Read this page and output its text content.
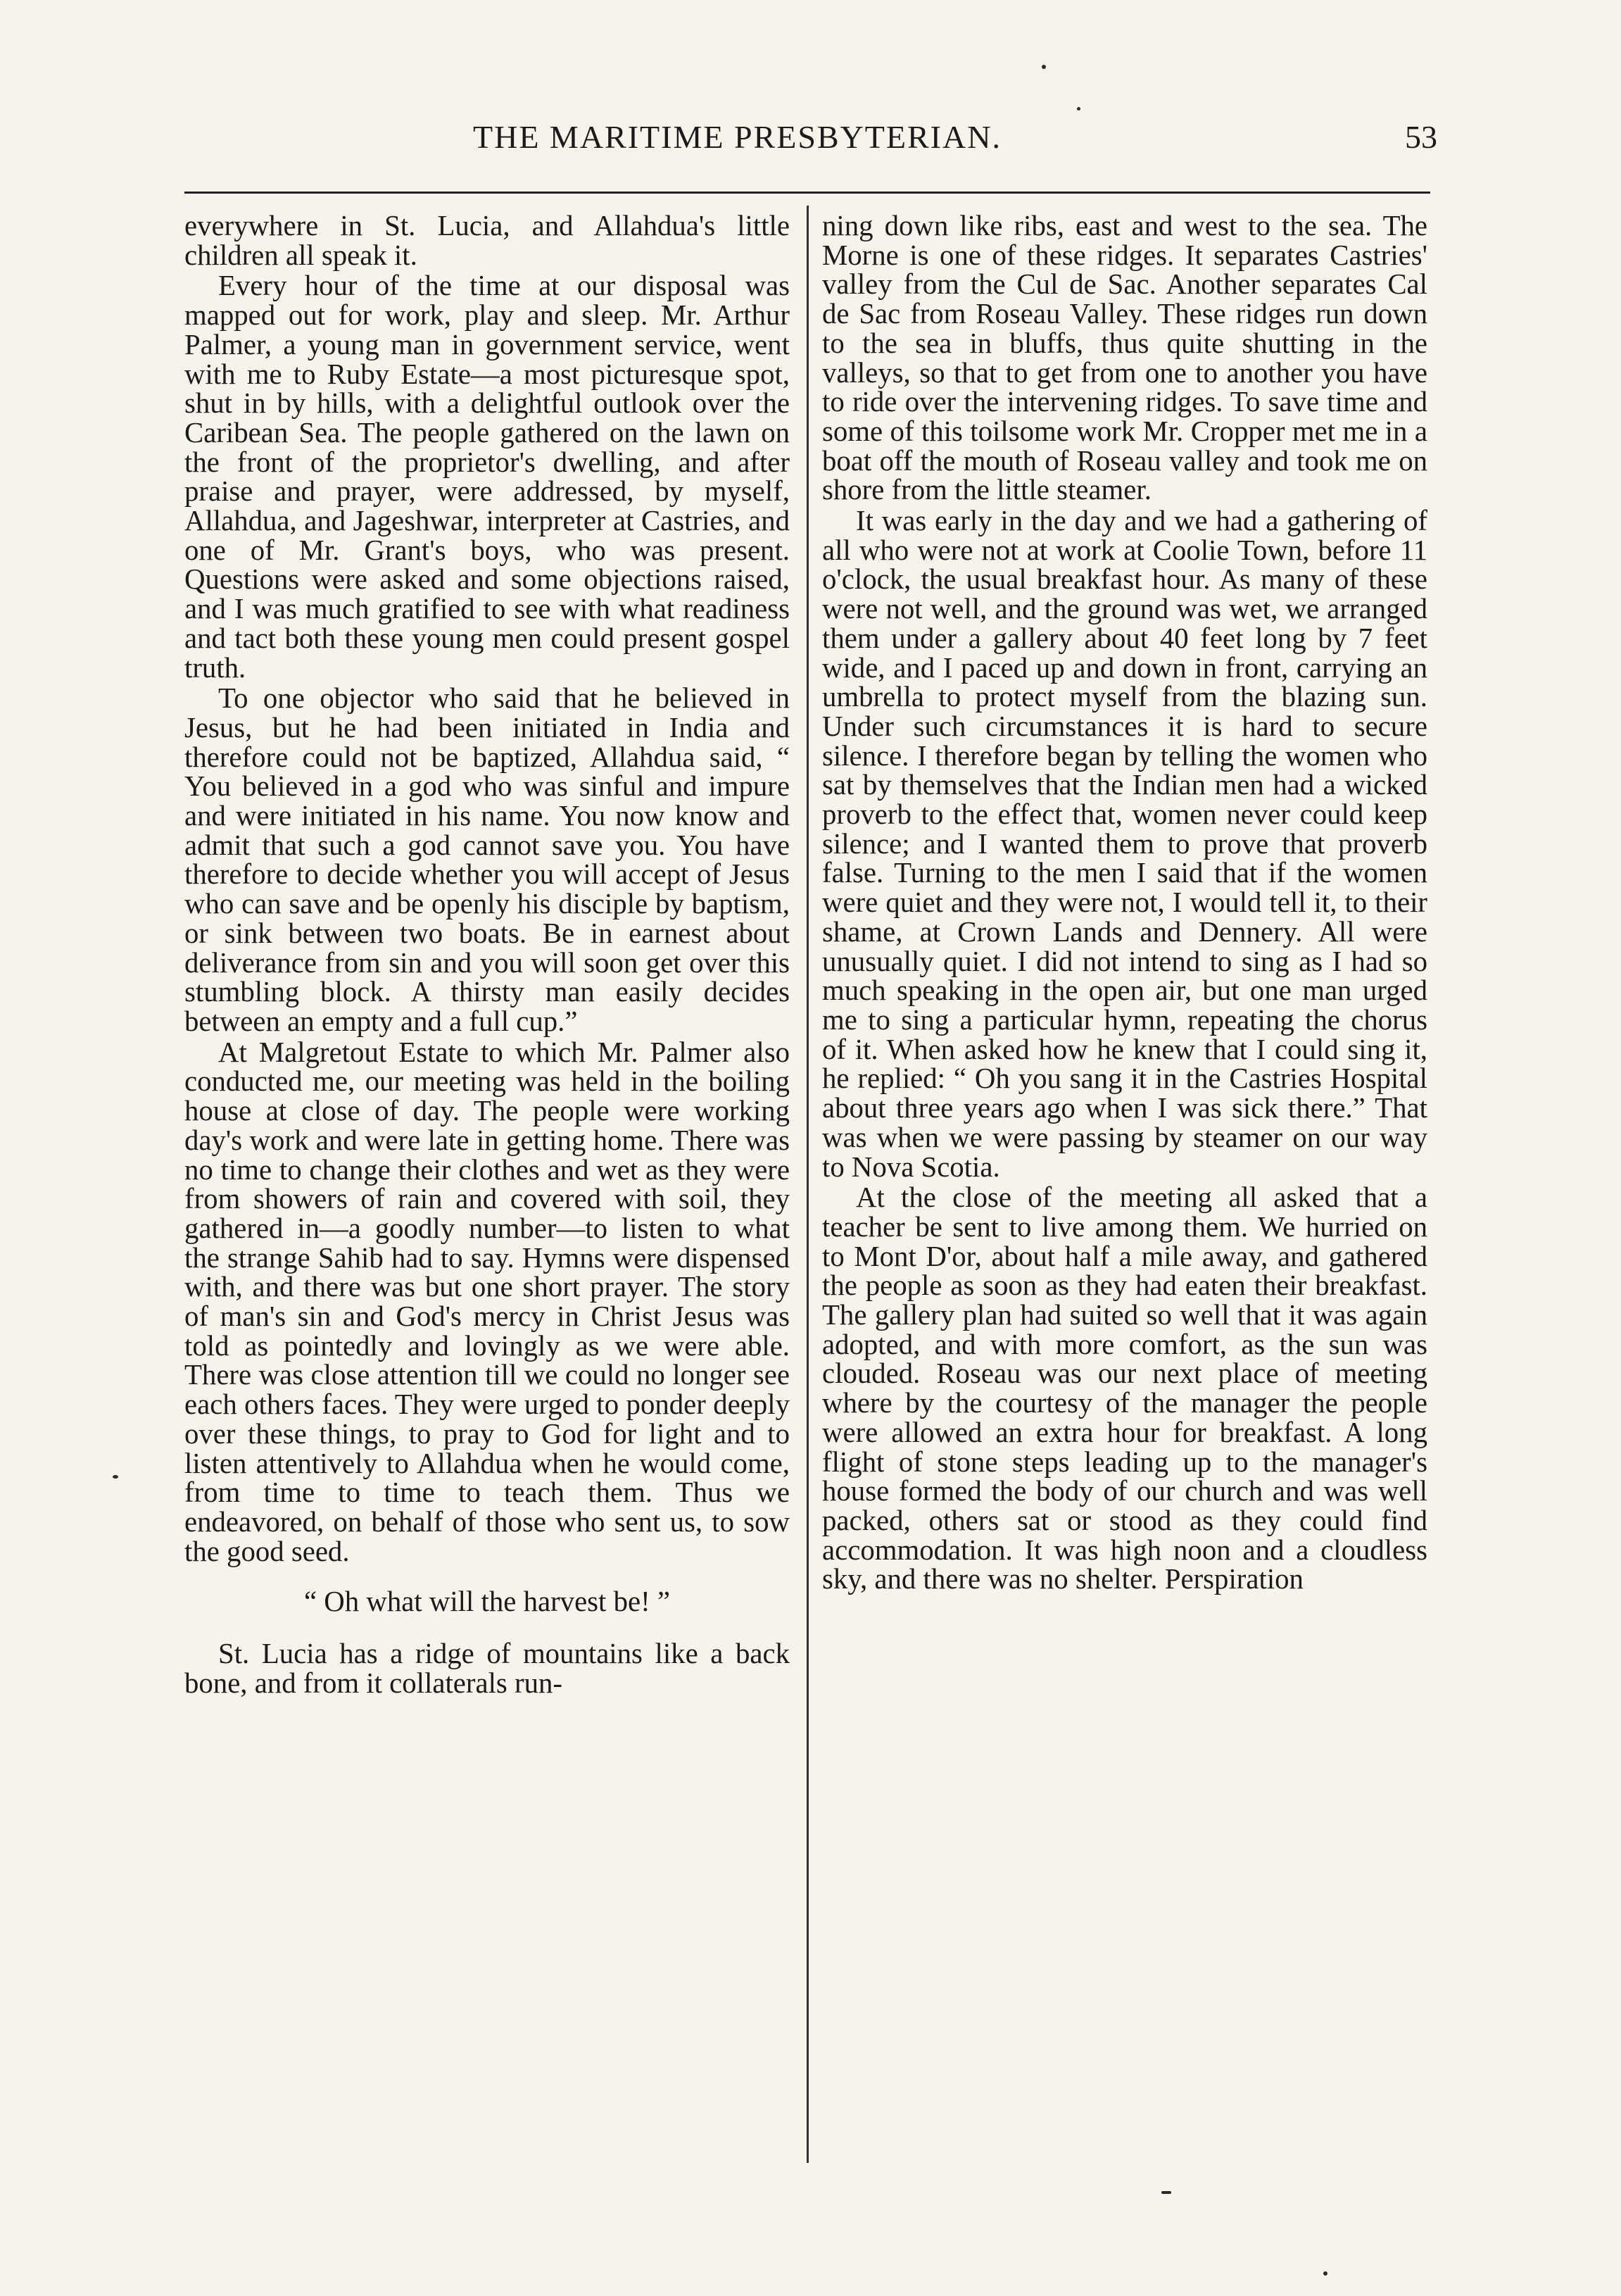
THE MARITIME PRESBYTERIAN.	53

everywhere in St. Lucia, and Allahdua's little children all speak it.

Every hour of the time at our disposal was mapped out for work, play and sleep. Mr. Arthur Palmer, a young man in government service, went with me to Ruby Estate—a most picturesque spot, shut in by hills, with a delightful outlook over the Caribean Sea. The people gathered on the lawn on the front of the proprietor's dwelling, and after praise and prayer, were addressed, by myself, Allahdua, and Jageshwar, interpreter at Castries, and one of Mr. Grant's boys, who was present. Questions were asked and some objections raised, and I was much gratified to see with what readiness and tact both these young men could present gospel truth.

To one objector who said that he believed in Jesus, but he had been initiated in India and therefore could not be baptized, Allahdua said, “ You believed in a god who was sinful and impure and were initiated in his name. You now know and admit that such a god cannot save you. You have therefore to decide whether you will accept of Jesus who can save and be openly his disciple by baptism, or sink between two boats. Be in earnest about deliverance from sin and you will soon get over this stumbling block. A thirsty man easily decides between an empty and a full cup.”

At Malgretout Estate to which Mr. Palmer also conducted me, our meeting was held in the boiling house at close of day. The people were working day's work and were late in getting home. There was no time to change their clothes and wet as they were from showers of rain and covered with soil, they gathered in—a goodly number—to listen to what the strange Sahib had to say. Hymns were dispensed with, and there was but one short prayer. The story of man's sin and God's mercy in Christ Jesus was told as pointedly and lovingly as we were able. There was close attention till we could no longer see each others faces. They were urged to ponder deeply over these things, to pray to God for light and to listen attentively to Allahdua when he would come, from time to time to teach them. Thus we endeavored, on behalf of those who sent us, to sow the good seed.

“ Oh what will the harvest be! ”

St. Lucia has a ridge of mountains like a back bone, and from it collaterals run-

ning down like ribs, east and west to the sea. The Morne is one of these ridges. It separates Castries' valley from the Cul de Sac. Another separates Cal de Sac from Roseau Valley. These ridges run down to the sea in bluffs, thus quite shutting in the valleys, so that to get from one to another you have to ride over the intervening ridges. To save time and some of this toilsome work Mr. Cropper met me in a boat off the mouth of Roseau valley and took me on shore from the little steamer.

It was early in the day and we had a gathering of all who were not at work at Coolie Town, before 11 o'clock, the usual breakfast hour. As many of these were not well, and the ground was wet, we arranged them under a gallery about 40 feet long by 7 feet wide, and I paced up and down in front, carrying an umbrella to protect myself from the blazing sun. Under such circumstances it is hard to secure silence. I therefore began by telling the women who sat by themselves that the Indian men had a wicked proverb to the effect that, women never could keep silence; and I wanted them to prove that proverb false. Turning to the men I said that if the women were quiet and they were not, I would tell it, to their shame, at Crown Lands and Dennery. All were unusually quiet. I did not intend to sing as I had so much speaking in the open air, but one man urged me to sing a particular hymn, repeating the chorus of it. When asked how he knew that I could sing it, he replied: “ Oh you sang it in the Castries Hospital about three years ago when I was sick there.” That was when we were passing by steamer on our way to Nova Scotia.

At the close of the meeting all asked that a teacher be sent to live among them. We hurried on to Mont D'or, about half a mile away, and gathered the people as soon as they had eaten their breakfast. The gallery plan had suited so well that it was again adopted, and with more comfort, as the sun was clouded. Roseau was our next place of meeting where by the courtesy of the manager the people were allowed an extra hour for breakfast. A long flight of stone steps leading up to the manager's house formed the body of our church and was well packed, others sat or stood as they could find accommodation. It was high noon and a cloudless sky, and there was no shelter. Perspiration
